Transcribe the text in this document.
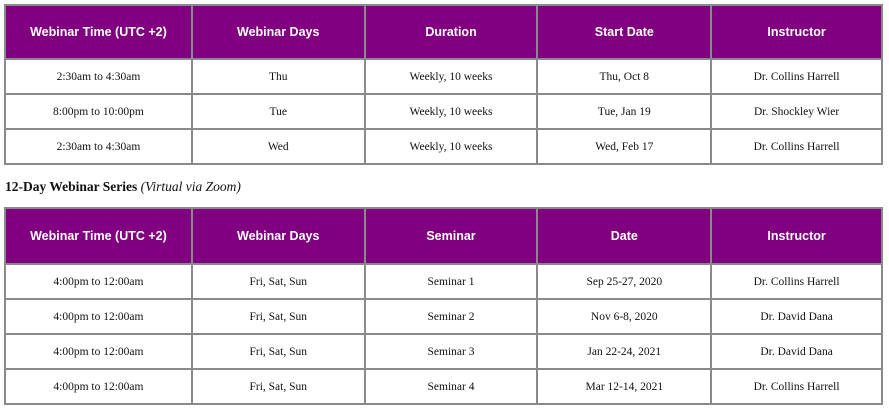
Webinar Time (UTC +2)	Webinar Days	Duration	Start Date	Instructor
2:30am to 4:30am	Thu	Weekly, 10 weeks	Thu, Oct 8	Dr. Collins Harrell
8:00pm to 10:00pm	Tue	Weekly, 10 weeks	Tue, Jan 19	Dr. Shockley Wier
2:30am to 4:30am	Wed	Weekly, 10 weeks	Wed, Feb 17	Dr. Collins Harrell
12-Day Webinar Series (Virtual via Zoom)
Webinar Time (UTC +2)	Webinar Days	Seminar	Date	Instructor
4:00pm to 12:00am	Fri, Sat, Sun	Seminar 1	Sep 25-27, 2020	Dr. Collins Harrell
4:00pm to 12:00am	Fri, Sat, Sun	Seminar 2	Nov 6-8, 2020	Dr. David Dana
4:00pm to 12:00am	Fri, Sat, Sun	Seminar 3	Jan 22-24, 2021	Dr. David Dana
4:00pm to 12:00am	Fri, Sat, Sun	Seminar 4	Mar 12-14, 2021	Dr. Collins Harrell
